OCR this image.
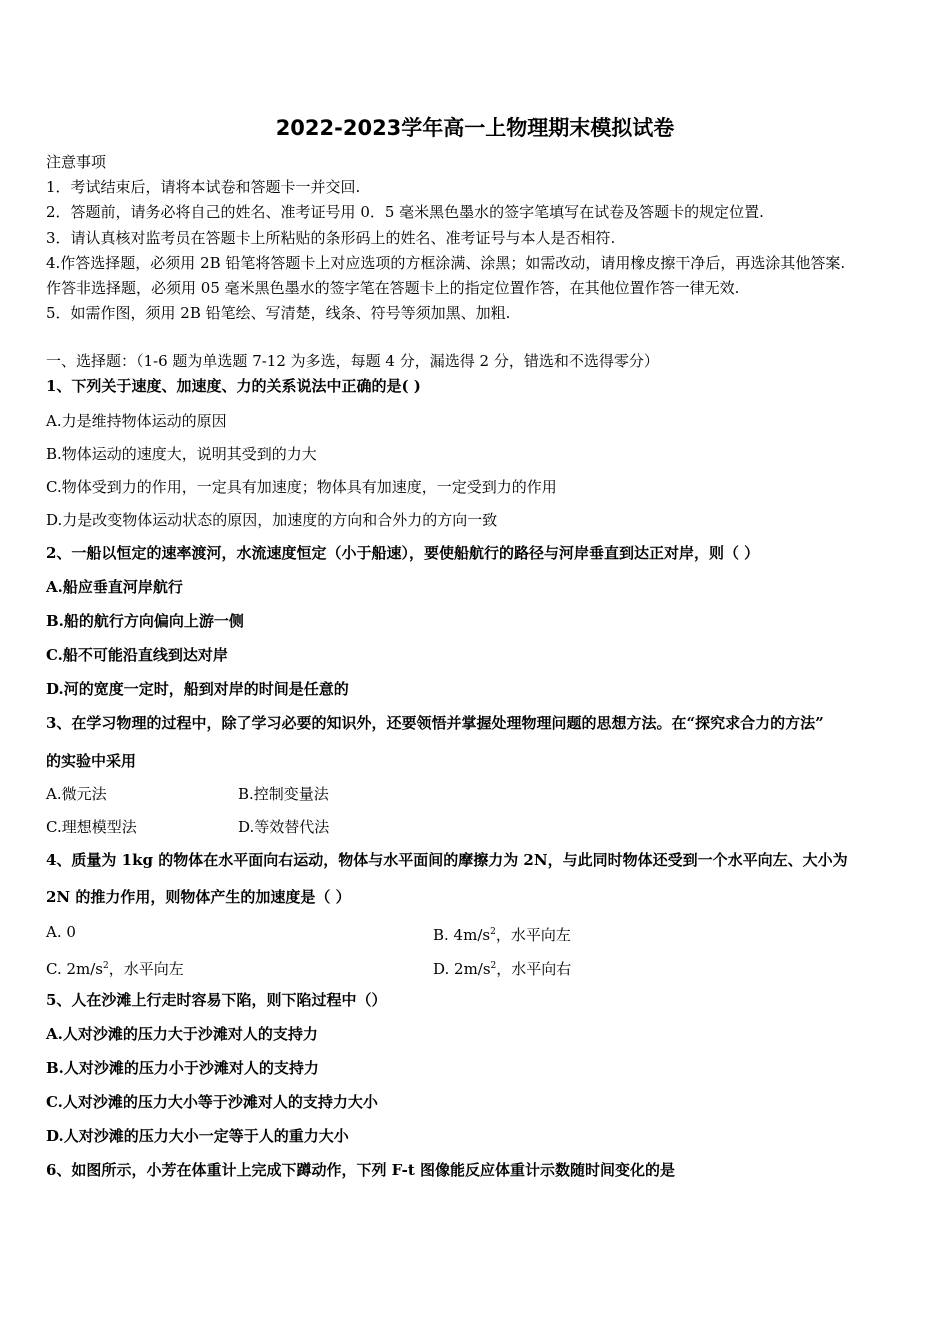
2022-2023学年高一上物理期末模拟试卷
注意事项
1．考试结束后，请将本试卷和答题卡一并交回.
2．答题前，请务必将自己的姓名、准考证号用 0．5 毫米黑色墨水的签字笔填写在试卷及答题卡的规定位置.
3．请认真核对监考员在答题卡上所粘贴的条形码上的姓名、准考证号与本人是否相符.
4.作答选择题，必须用 2B 铅笔将答题卡上对应选项的方框涂满、涂黑；如需改动，请用橡皮擦干净后，再选涂其他答案.
作答非选择题，必须用 05 毫米黑色墨水的签字笔在答题卡上的指定位置作答，在其他位置作答一律无效.
5．如需作图，须用 2B 铅笔绘、写清楚，线条、符号等须加黑、加粗.
一、选择题：（1-6 题为单选题 7-12 为多选，每题 4 分，漏选得 2 分，错选和不选得零分）
1、下列关于速度、加速度、力的关系说法中正确的是( )
A.力是维持物体运动的原因
B.物体运动的速度大，说明其受到的力大
C.物体受到力的作用，一定具有加速度；物体具有加速度，一定受到力的作用
D.力是改变物体运动状态的原因，加速度的方向和合外力的方向一致
2、一船以恒定的速率渡河，水流速度恒定（小于船速），要使船航行的路径与河岸垂直到达正对岸，则（ ）
A.船应垂直河岸航行
B.船的航行方向偏向上游一侧
C.船不可能沿直线到达对岸
D.河的宽度一定时，船到对岸的时间是任意的
3、在学习物理的过程中，除了学习必要的知识外，还要领悟并掌握处理物理问题的思想方法。在“探究求合力的方法”
的实验中采用
A.微元法	B.控制变量法
C.理想模型法	D.等效替代法
4、质量为 1kg 的物体在水平面向右运动，物体与水平面间的摩擦力为 2N，与此同时物体还受到一个水平向左、大小为
2N 的推力作用，则物体产生的加速度是（ ）
A. 0	B. $4m/s^2$，水平向左
C. $2m/s^2$，水平向左	D. $2m/s^2$，水平向右
5、人在沙滩上行走时容易下陷，则下陷过程中（）
A.人对沙滩的压力大于沙滩对人的支持力
B.人对沙滩的压力小于沙滩对人的支持力
C.人对沙滩的压力大小等于沙滩对人的支持力大小
D.人对沙滩的压力大小一定等于人的重力大小
6、如图所示，小芳在体重计上完成下蹲动作，下列 F-t 图像能反应体重计示数随时间变化的是
